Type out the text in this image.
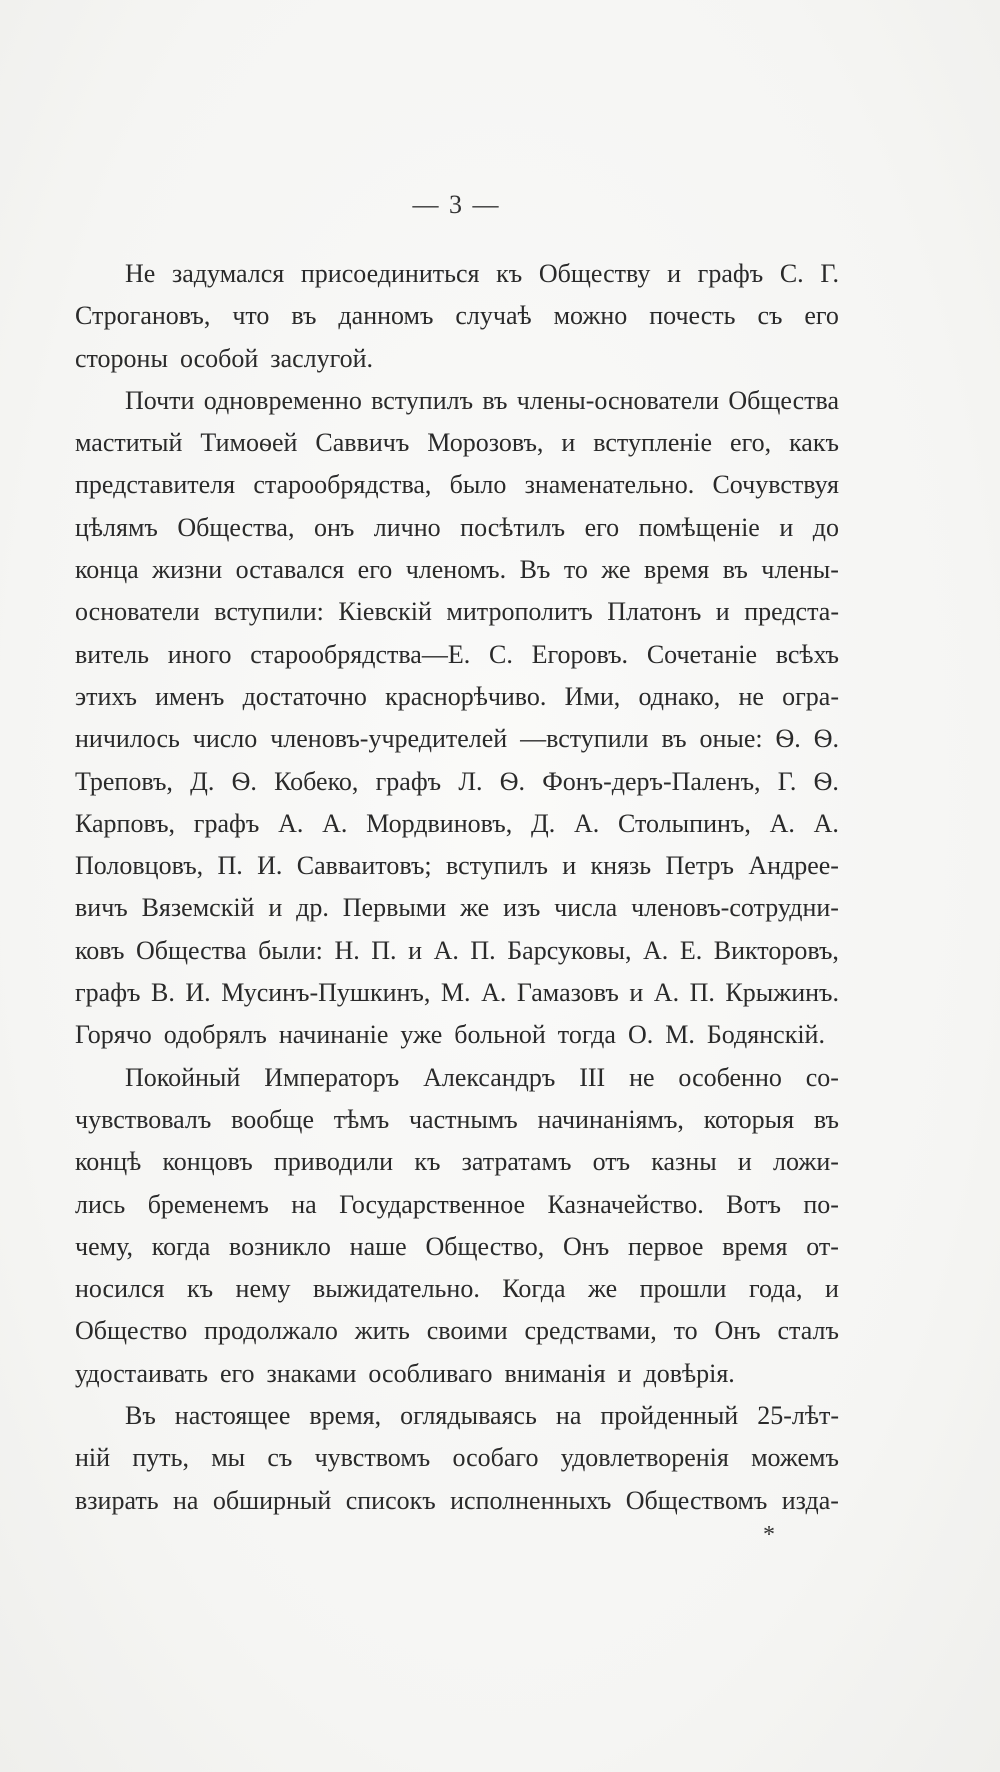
— 3 —
Не задумался присоединиться къ Обществу и графъ С. Г.
Строгановъ, что въ данномъ случаѣ можно почесть съ его
стороны особой заслугой.
Почти одновременно вступилъ въ члены-основатели Общества
маститый Тимоѳей Саввичъ Морозовъ, и вступленіе его, какъ
представителя старообрядства, было знаменательно. Сочувствуя
цѣлямъ Общества, онъ лично посѣтилъ его помѣщеніе и до
конца жизни оставался его членомъ. Въ то же время въ члены-
основатели вступили: Кіевскій митрополитъ Платонъ и предста-
витель иного старообрядства—Е. С. Егоровъ. Сочетаніе всѣхъ
этихъ именъ достаточно краснорѣчиво. Ими, однако, не огра-
ничилось число членовъ-учредителей —вступили въ оные: Ѳ. Ѳ.
Треповъ, Д. Ѳ. Кобеко, графъ Л. Ѳ. Фонъ-деръ-Паленъ, Г. Ѳ.
Карповъ, графъ А. А. Мордвиновъ, Д. А. Столыпинъ, А. А.
Половцовъ, П. И. Савваитовъ; вступилъ и князь Петръ Андрее-
вичъ Вяземскій и др. Первыми же изъ числа членовъ-сотрудни-
ковъ Общества были: Н. П. и А. П. Барсуковы, А. Е. Викторовъ,
графъ В. И. Мусинъ-Пушкинъ, М. А. Гамазовъ и А. П. Крыжинъ.
Горячо одобрялъ начинаніе уже больной тогда О. М. Бодянскій.
Покойный Императоръ Александръ III не особенно со-
чувствовалъ вообще тѣмъ частнымъ начинаніямъ, которыя въ
концѣ концовъ приводили къ затратамъ отъ казны и ложи-
лись бременемъ на Государственное Казначейство. Вотъ по-
чему, когда возникло наше Общество, Онъ первое время от-
носился къ нему выжидательно. Когда же прошли года, и
Общество продолжало жить своими средствами, то Онъ сталъ
удостаивать его знаками особливаго вниманія и довѣрія.
Въ настоящее время, оглядываясь на пройденный 25-лѣт-
ній путь, мы съ чувствомъ особаго удовлетворенія можемъ
взирать на обширный списокъ исполненныхъ Обществомъ изда-
*
